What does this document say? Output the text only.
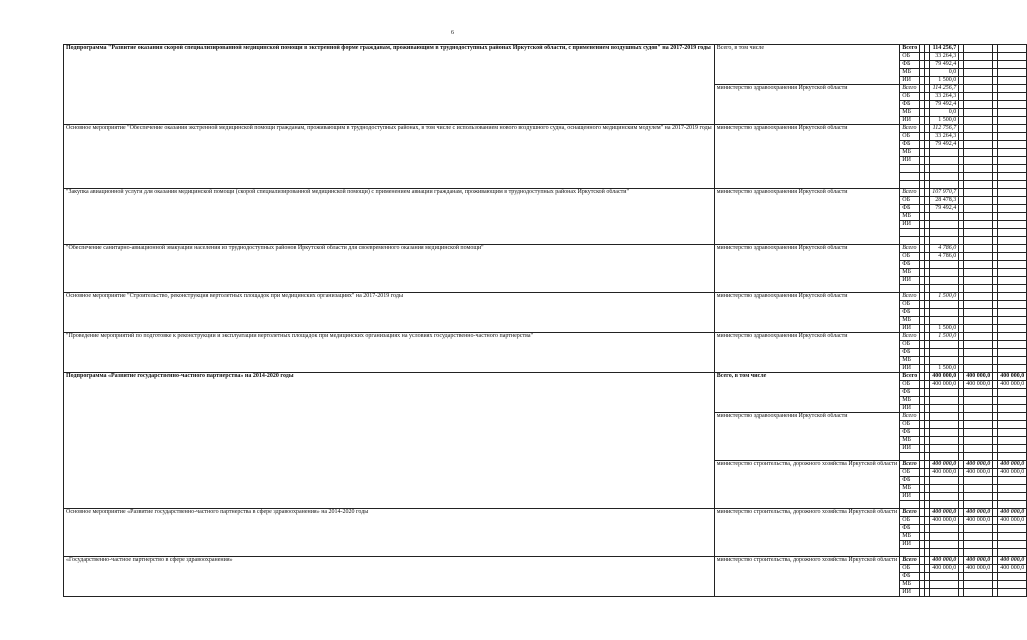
6
Подпрограмма "Развитие оказания скорой специализированной медицинской помощи в экстренной форме гражданам, проживающим в труднодоступных районах Иркутской области, с применением воздушных судов" на 2017-2019 годы	Всего, в том числе	Всего			114 256,7				
		ОБ			33 264,3				
		ФБ			79 492,4				
		МБ			0,0				
		ИИ			1 500,0				
	министерство здравоохранения Иркутской области	Всего			114 256,7				
		ОБ			33 264,3				
		ФБ			79 492,4				
		МБ			0,0				
		ИИ			1 500,0				
Основное мероприятие "Обеспечение оказания экстренной медицинской помощи гражданам, проживающим в труднодоступных районах, в том числе с использованием нового воздушного судна, оснащенного медицинским модулем" на 2017-2019 годы	министерство здравоохранения Иркутской области	Всего			112 756,7				
		ОБ			33 264,3				
		ФБ			79 492,4				
		МБ							
		ИИ							

"Закупка авиационной услуги для оказания медицинской помощи (скорой специализированной медицинской помощи) с применением авиации гражданам, проживающим в труднодоступных районах Иркутской области"	министерство здравоохранения Иркутской области	Всего			107 970,7				
		ОБ			28 478,3				
		ФБ			79 492,4				
		МБ							
		ИИ							

"Обеспечение санитарно-авиационной эвакуации населения из труднодоступных районов Иркутской области для своевременного оказания медицинской помощи"	министерство здравоохранения Иркутской области	Всего			4 786,0				
		ОБ			4 786,0				
		ФБ							
		МБ							
		ИИ							

Основное мероприятие "Строительство, реконструкция вертолетных площадок при медицинских организациях" на 2017-2019 годы	министерство здравоохранения Иркутской области	Всего			1 500,0				
		ОБ							
		ФБ							
		МБ							
		ИИ			1 500,0				
"Проведение мероприятий по подготовке к реконструкции и эксплуатации вертолетных площадок при медицинских организациях на условиях государственно-частного партнерства"	министерство здравоохранения Иркутской области	Всего			1 500,0				
		ОБ							
		ФБ							
		МБ							
		ИИ			1 500,0				
Подпрограмма «Развитие государственно-частного партнерства» на 2014-2020 годы	Всего, в том числе	Всего			400 000,0		400 000,0		400 000,0
		ОБ			400 000,0		400 000,0		400 000,0
		ФБ							
		МБ							
		ИИ							
	министерство здравоохранения Иркутской области	Всего							
		ОБ							
		ФБ							
		МБ							
		ИИ							

	министерство строительства, дорожного хозяйства Иркутской области	Всего			400 000,0		400 000,0		400 000,0
		ОБ			400 000,0		400 000,0		400 000,0
		ФБ							
		МБ							
		ИИ							

Основное мероприятие «Развитие государственно-частного партнерства в сфере здравоохранения» на 2014-2020 годы	министерство строительства, дорожного хозяйства Иркутской области	Всего			400 000,0		400 000,0		400 000,0
		ОБ			400 000,0		400 000,0		400 000,0
		ФБ							
		МБ							
		ИИ							

«Государственно-частное партнерство в сфере здравоохранения»	министерство строительства, дорожного хозяйства Иркутской области	Всего			400 000,0		400 000,0		400 000,0
		ОБ			400 000,0		400 000,0		400 000,0
		ФБ							
		МБ							
		ИИ							
